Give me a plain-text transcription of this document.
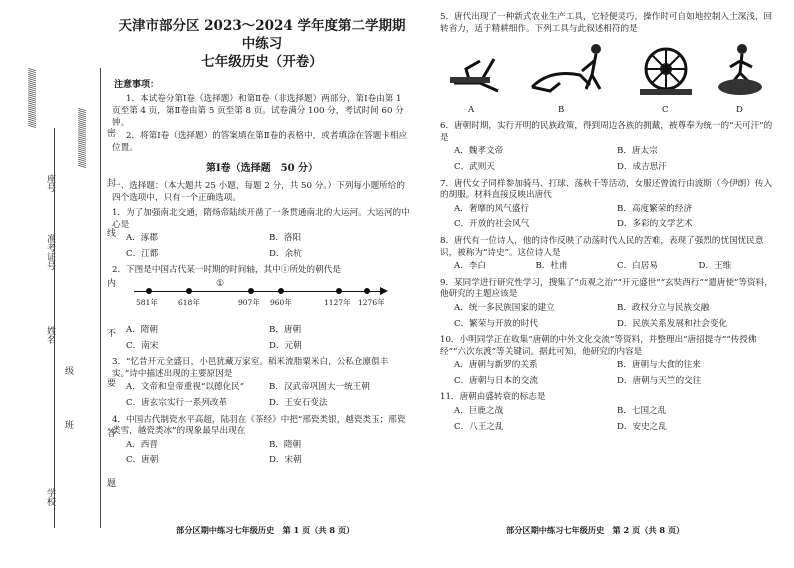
/////////////////////////////
/////////////////////////////
学校
班
级
姓名
准考证号
座号
密
封
线
内
不
要
答
题
天津市部分区 2023～2024 学年度第二学期期中练习
七年级历史（开卷）
注意事项：
1．本试卷分第Ⅰ卷（选择题）和第Ⅱ卷（非选择题）两部分，第Ⅰ卷由第 1 页至第 4 页，第Ⅱ卷由第 5 页至第 8 页。试卷满分 100 分，考试时间 60 分钟。
2．将第Ⅰ卷（选择题）的答案填在第Ⅱ卷的表格中，或者填涂在答题卡相应位置。
第Ⅰ卷（选择题　50 分）
一、选择题：（本大题共 25 小题，每题 2 分，共 50 分。）下列每小题所给的四个选项中，只有一个正确选项。
1．为了加强南北交通，隋炀帝陆续开凿了一条贯通南北的大运河。大运河的中心是
A．涿郡	B．洛阳
C．江都	D．余杭
2．下图是中国古代某一时期的时间轴，其中①所处的朝代是
①
581年	618年	907年 960年	1127年 1276年
A．隋朝	B．唐朝
C．南宋	D．元朝
3．“忆昔开元全盛日，小邑犹藏万家室。稻米流脂粟米白，公私仓廪俱丰实。”诗中描述出现的主要原因是
A．文帝和皇帝重视“以德化民”	B．汉武帝巩固大一统王朝
C．唐玄宗实行一系列改革	D．王安石变法
4．中国古代制瓷水平高超，陆羽在《茶经》中把“邢瓷类银，越瓷类玉；邢瓷类雪，越瓷类冰”的现象最早出现在
A．西晋	B．隋朝
C．唐朝	D．宋朝
部分区期中练习七年级历史　第 1 页（共 8 页）
5．唐代出现了一种新式农业生产工具，它轻便灵巧，操作时可自如地控制入土深浅，回转省力，适于精耕细作。下列工具与此叙述相符的是
A	B	C	D
6．唐朝时期，实行开明的民族政策，得到周边各族的拥戴，被尊奉为统一的“天可汗”的是
A．魏孝文帝	B．唐太宗
C．武则天	D．成吉思汗
7．唐代女子同样参加骑马、打球、荡秋千等活动，女服还曾流行由波斯（今伊朗）传入的胡服。材料直接反映出唐代
A．奢靡的风气盛行	B．高度繁荣的经济
C．开放的社会风气	D．多彩的文学艺术
8．唐代有一位诗人，他的诗作反映了动荡时代人民的苦难，表现了强烈的忧国忧民意识，被称为“诗史”。这位诗人是
A．李白	B．杜甫	C．白居易	D．王维
9．某同学进行研究性学习，搜集了“贞观之治”“开元盛世”“玄奘西行”“遣唐使”等资料，他研究的主题应该是
A．统一多民族国家的建立	B．政权分立与民族交融
C．繁荣与开放的时代	D．民族关系发展和社会变化
10．小明同学正在收集“唐朝的中外文化交流”等资料，并整理出“唐招提寺”“传授佛经”“六次东渡”等关键词。据此可知，他研究的内容是
A．唐朝与新罗的关系	B．唐朝与大食的往来
C．唐朝与日本的交流	D．唐朝与天竺的交往
11．唐朝由盛转衰的标志是
A．巨鹿之战	B．七国之乱
C．八王之乱	D．安史之乱
部分区期中练习七年级历史　第 2 页（共 8 页）
